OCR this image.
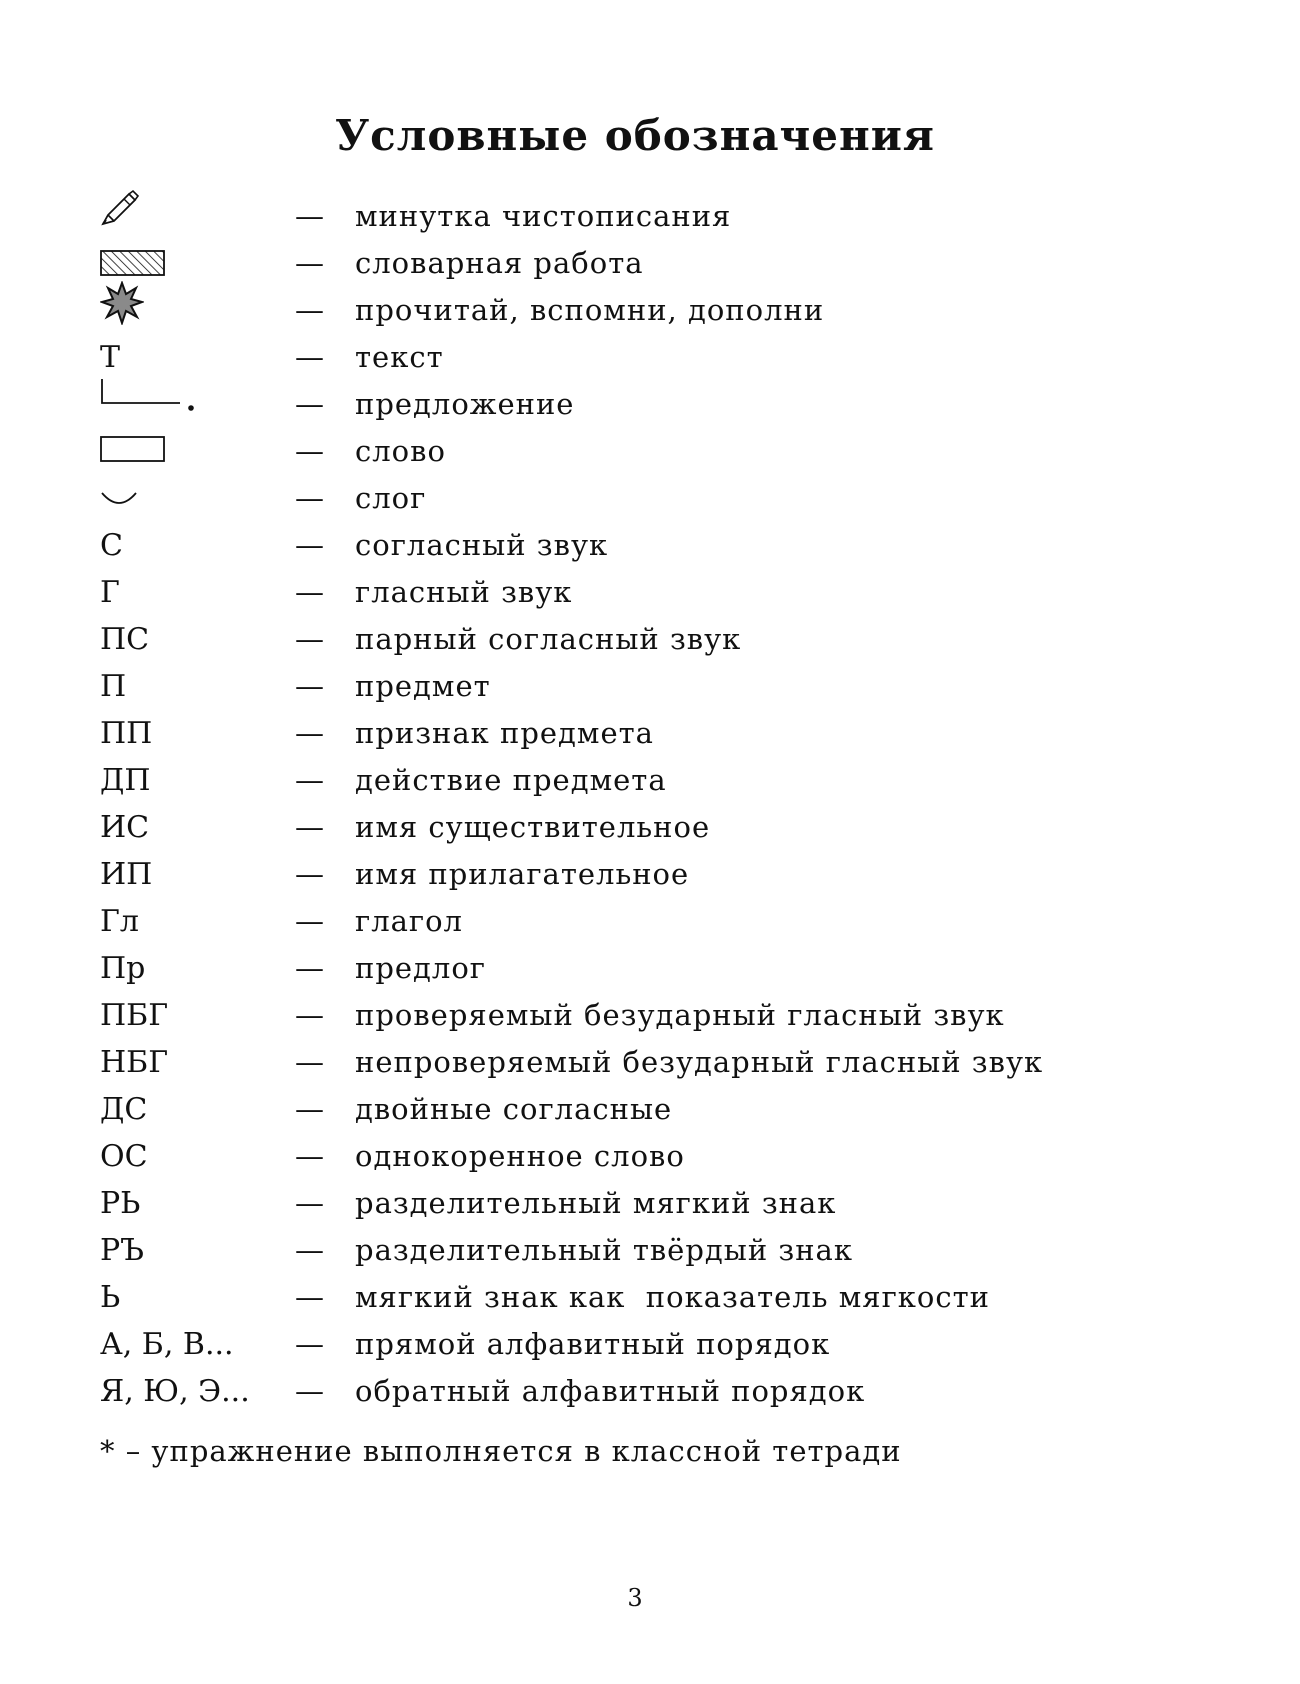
Условные обозначения
— минутка чистописания
— словарная работа
— прочитай, вспомни, дополни
Т	— текст
— предложение
— слово
— слог
С	— согласный звук
Г	— гласный звук
ПС	— парный согласный звук
П	— предмет
ПП	— признак предмета
ДП	— действие предмета
ИС	— имя существительное
ИП	— имя прилагательное
Гл	— глагол
Пр	— предлог
ПБГ	— проверяемый безударный гласный звук
НБГ	— непроверяемый безударный гласный звук
ДС	— двойные согласные
ОС	— однокоренное слово
РЬ	— разделительный мягкий знак
РЪ	— разделительный твёрдый знак
Ь	— мягкий знак как  показатель мягкости
А, Б, В...	— прямой алфавитный порядок
Я, Ю, Э...	— обратный алфавитный порядок

* – упражнение выполняется в классной тетради

3
